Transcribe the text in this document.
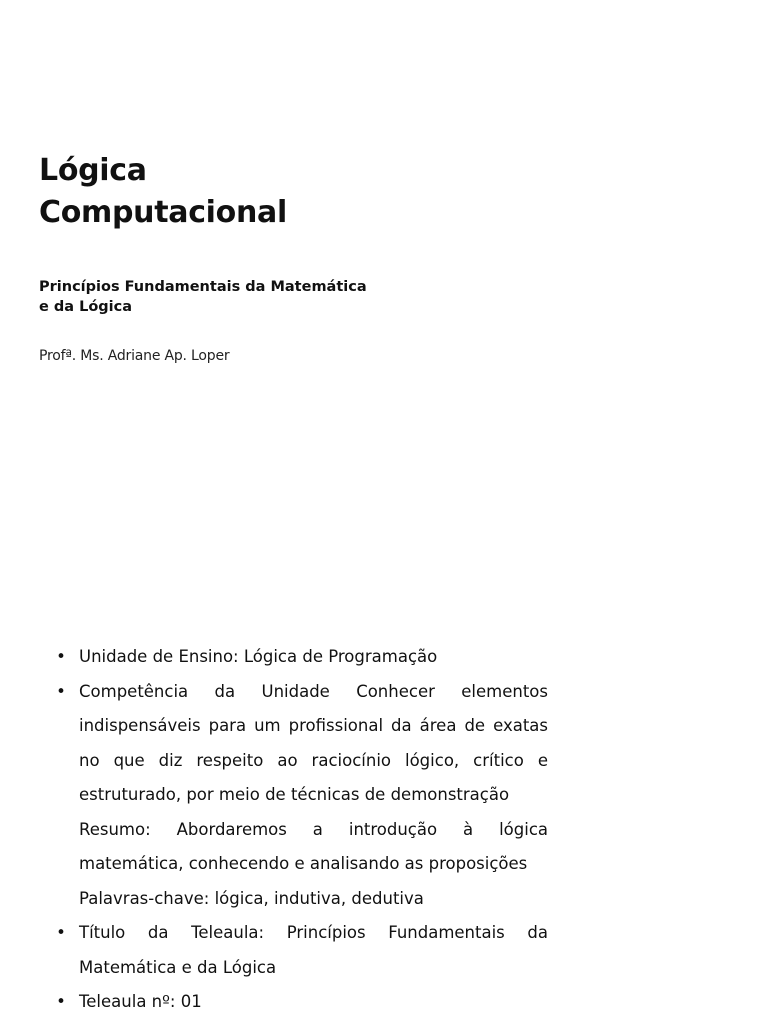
Lógica
Computacional
Princípios Fundamentais da Matemática
e da Lógica

Profª. Ms. Adriane Ap. Loper

• Unidade de Ensino: Lógica de Programação
• Competência da Unidade Conhecer elementos indispensáveis para um profissional da área de exatas no que diz respeito ao raciocínio lógico, crítico e estruturado, por meio de técnicas de demonstração
Resumo: Abordaremos a introdução à lógica matemática, conhecendo e analisando as proposições
Palavras-chave: lógica, indutiva, dedutiva
• Título da Teleaula: Princípios Fundamentais da Matemática e da Lógica
• Teleaula nº: 01
